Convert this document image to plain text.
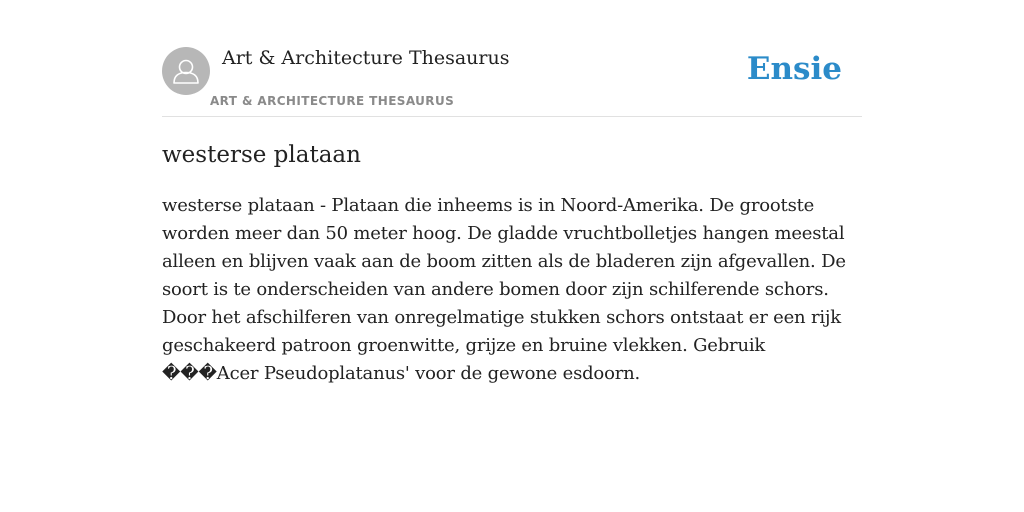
Art & Architecture Thesaurus
ART & ARCHITECTURE THESAURUS
Ensie
westerse plataan

westerse plataan - Plataan die inheems is in Noord-Amerika. De grootste worden meer dan 50 meter hoog. De gladde vruchtbolletjes hangen meestal alleen en blijven vaak aan de boom zitten als de bladeren zijn afgevallen. De soort is te onderscheiden van andere bomen door zijn schilferende schors. Door het afschilferen van onregelmatige stukken schors ontstaat er een rijk geschakeerd patroon groenwitte, grijze en bruine vlekken. Gebruik ���Acer Pseudoplatanus' voor de gewone esdoorn.
